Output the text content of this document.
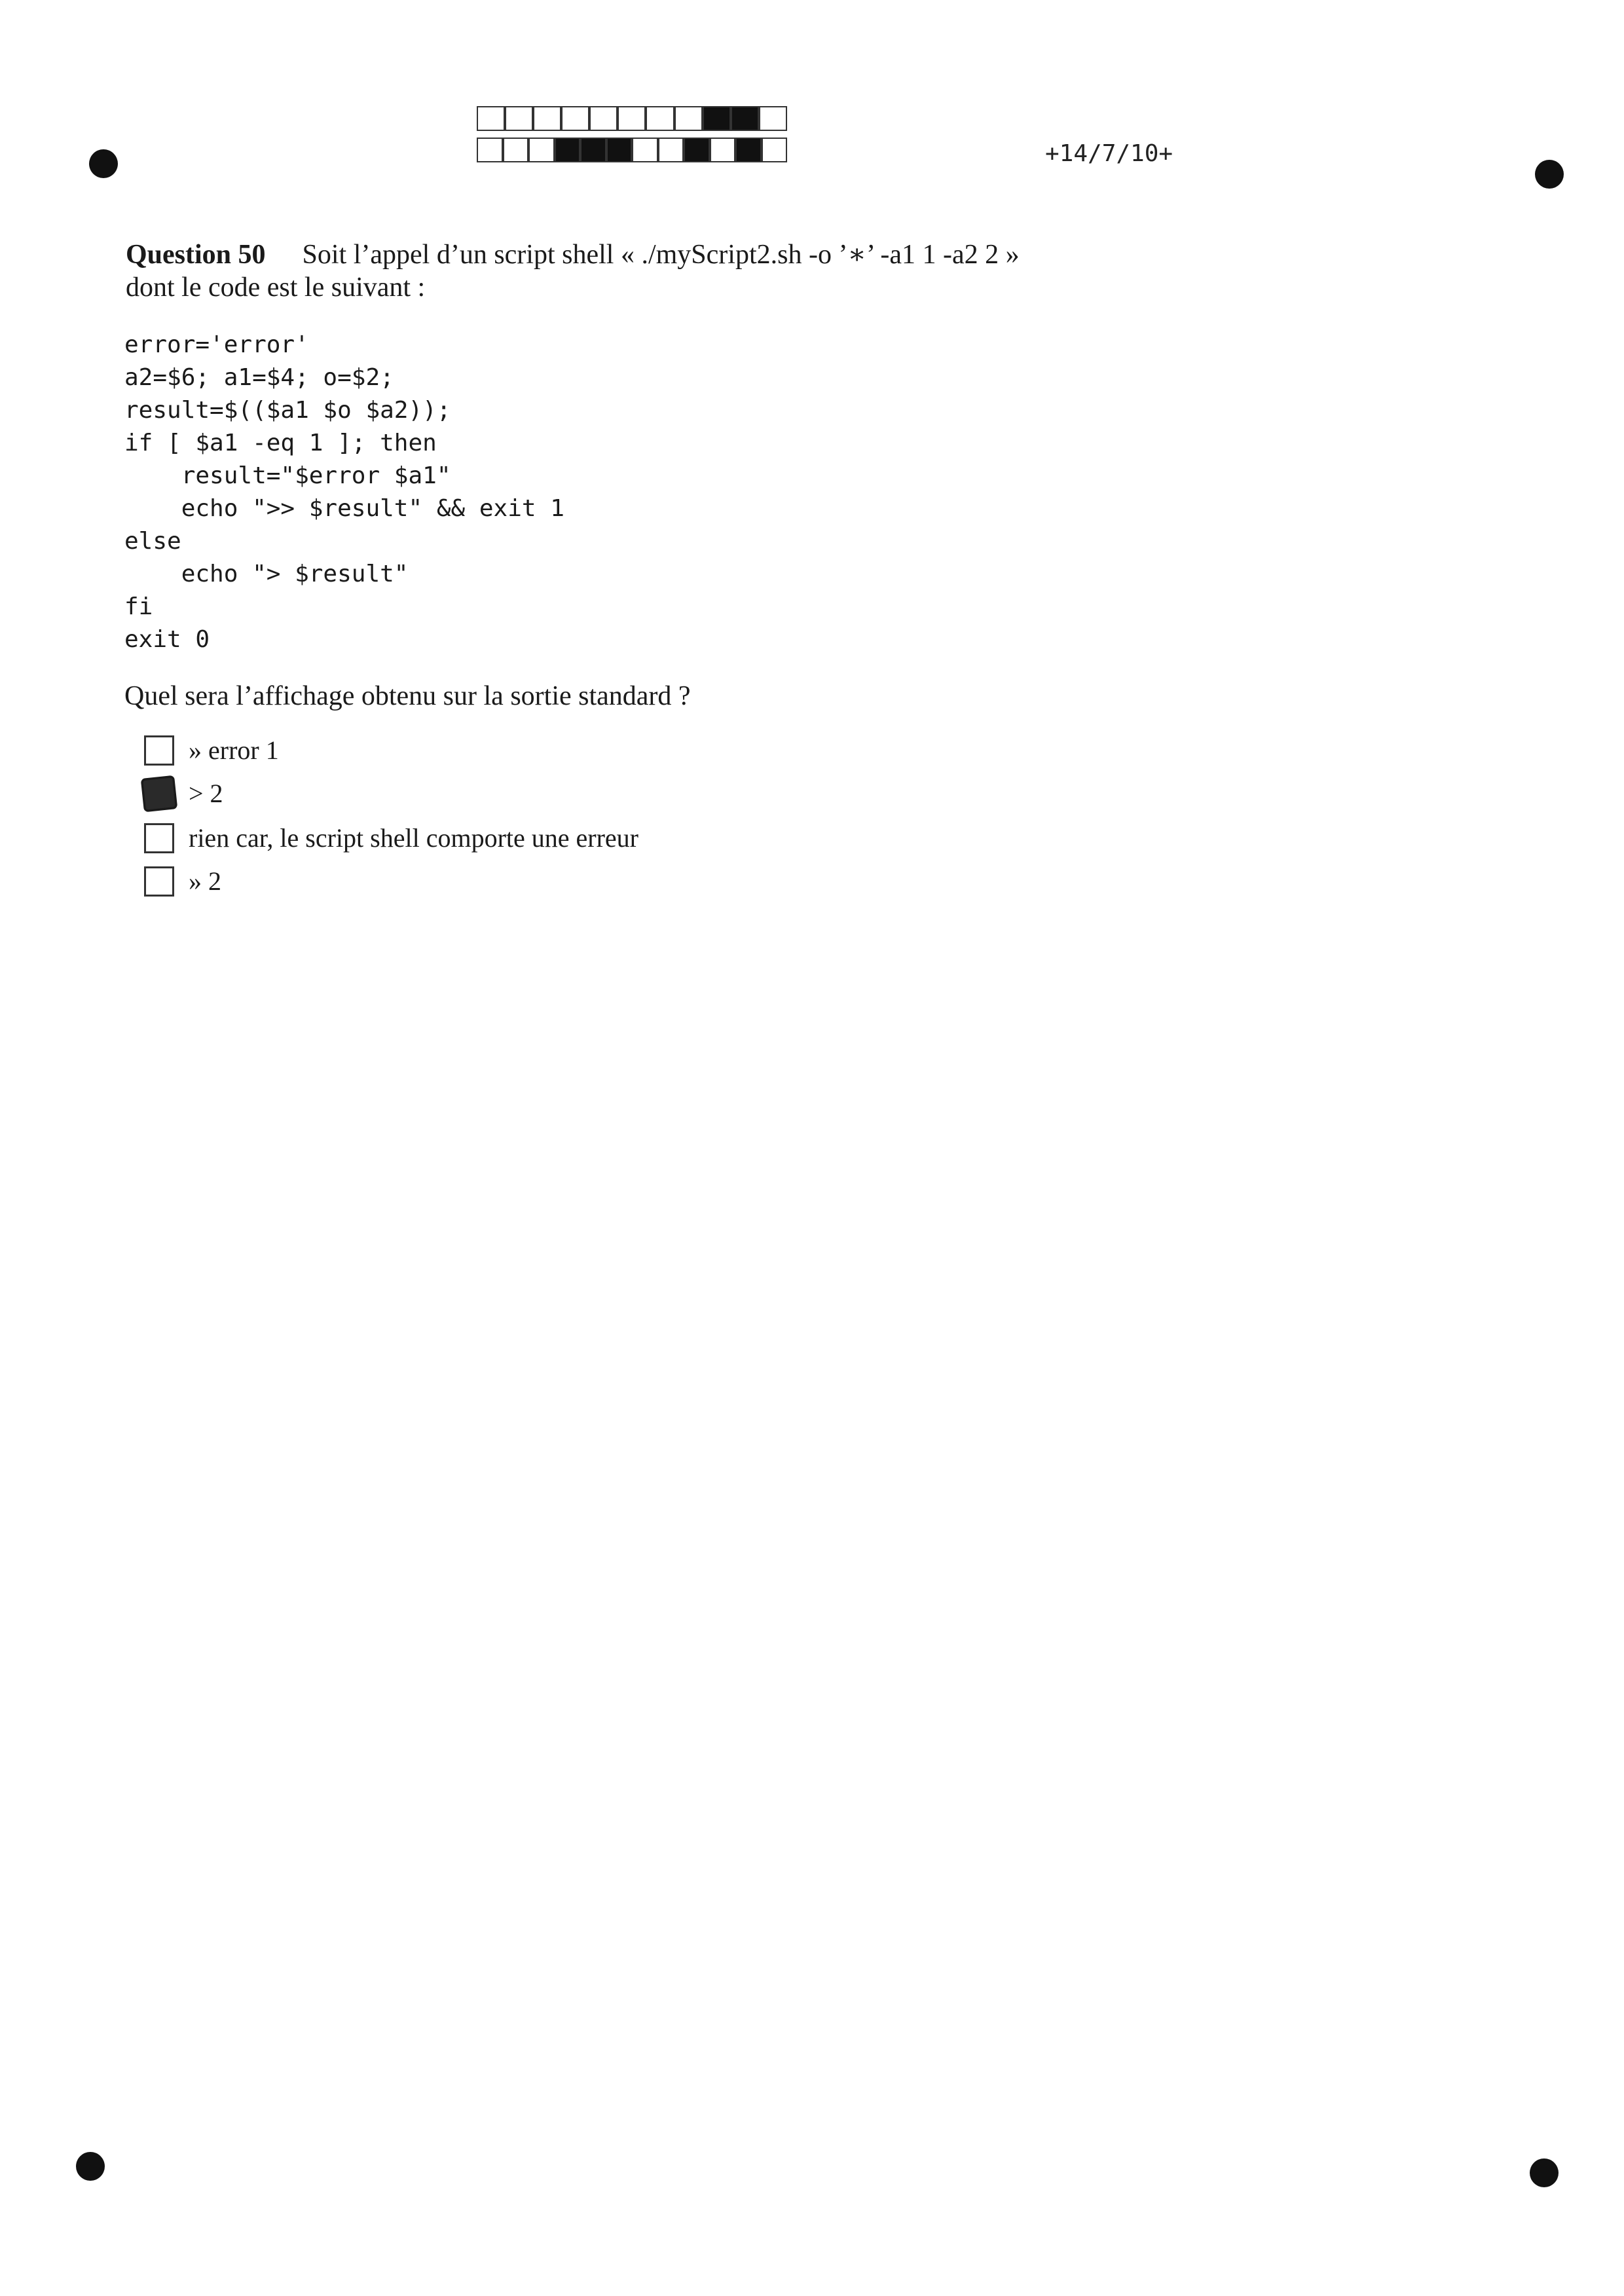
+14/7/10+
Question 50 Soit l’appel d’un script shell « ./myScript2.sh -o ’∗’ -a1 1 -a2 2 »
dont le code est le suivant :
error='error'
a2=$6; a1=$4; o=$2;
result=$(($a1 $o $a2));
if [ $a1 -eq 1 ]; then
result="$error $a1"
echo ">> $result" && exit 1
else
echo "> $result"
fi
exit 0
Quel sera l’affichage obtenu sur la sortie standard ?
» error 1
> 2
rien car, le script shell comporte une erreur
» 2
